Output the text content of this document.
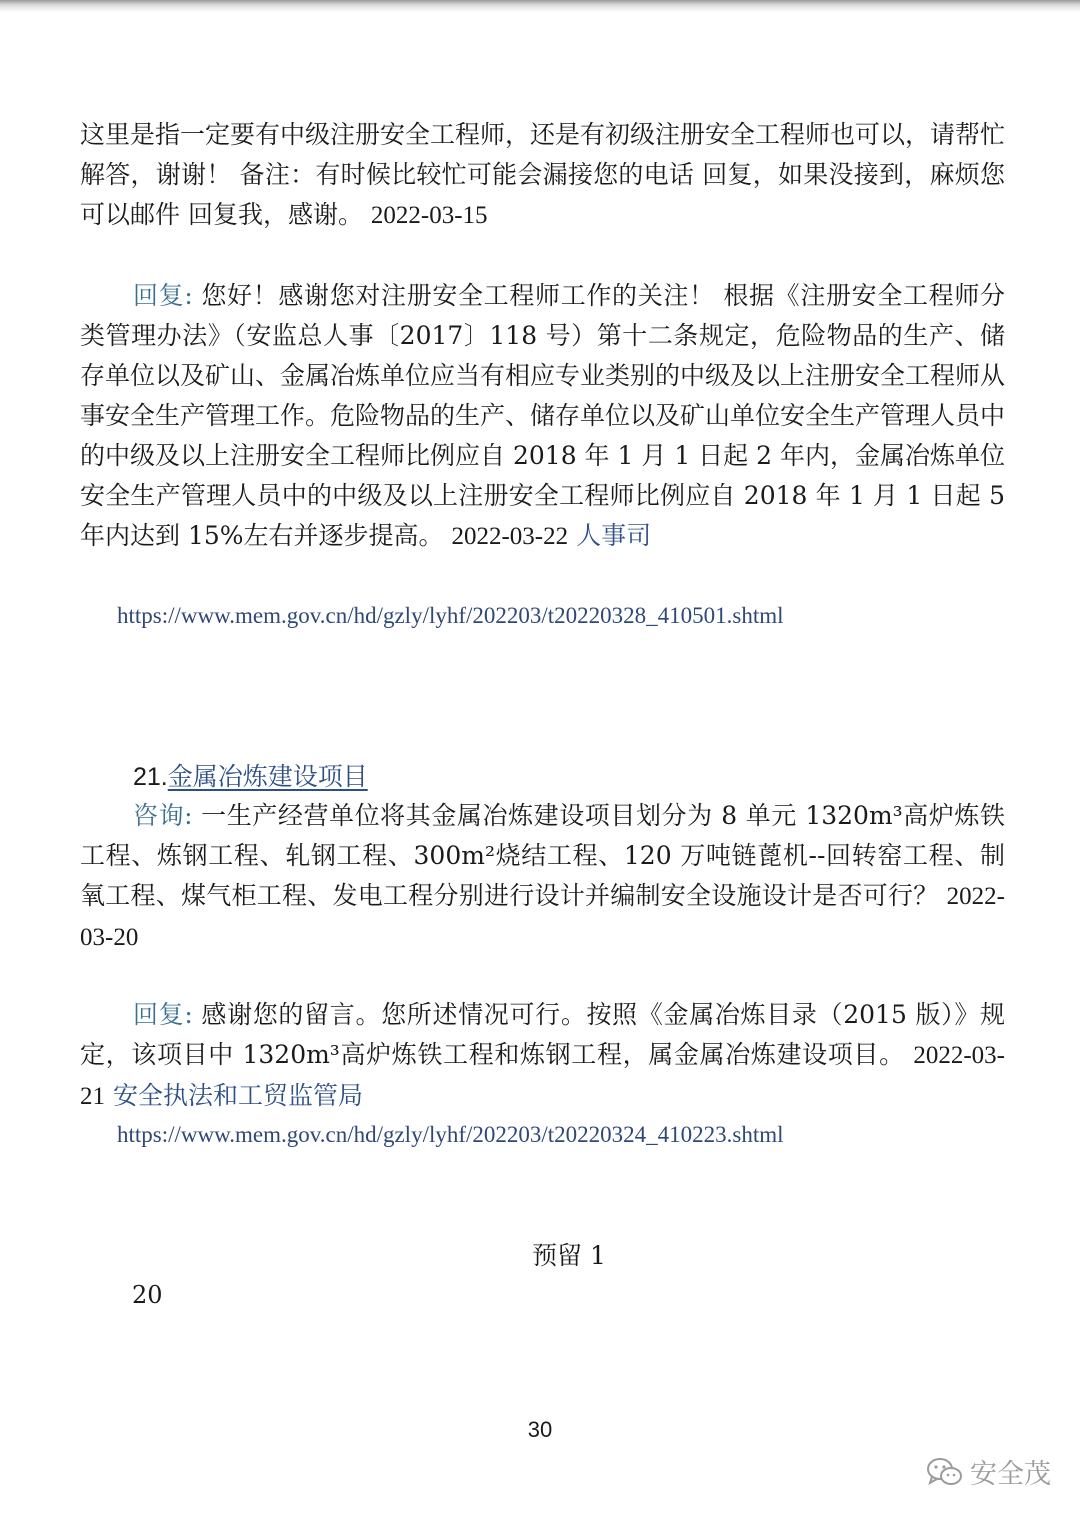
这里是指一定要有中级注册安全工程师，还是有初级注册安全工程师也可以，请帮忙解答，谢谢！ 备注：有时候比较忙可能会漏接您的电话 回复，如果没接到，麻烦您可以邮件 回复我，感谢。 2022-03-15

回复: 您好！感谢您对注册安全工程师工作的关注！ 根据《注册安全工程师分类管理办法》（安监总人事〔2017〕118 号）第十二条规定，危险物品的生产、储存单位以及矿山、金属冶炼单位应当有相应专业类别的中级及以上注册安全工程师从事安全生产管理工作。危险物品的生产、储存单位以及矿山单位安全生产管理人员中的中级及以上注册安全工程师比例应自 2018 年 1 月 1 日起 2 年内，金属冶炼单位安全生产管理人员中的中级及以上注册安全工程师比例应自 2018 年 1 月 1 日起 5 年内达到 15%左右并逐步提高。 2022-03-22 人事司

https://www.mem.gov.cn/hd/gzly/lyhf/202203/t20220328_410501.shtml
21.金属冶炼建设项目

咨询: 一生产经营单位将其金属冶炼建设项目划分为 8 单元 1320m³高炉炼铁工程、炼钢工程、轧钢工程、300m²烧结工程、120 万吨链蓖机--回转窑工程、制氧工程、煤气柜工程、发电工程分别进行设计并编制安全设施设计是否可行？ 2022-03-20

回复: 感谢您的留言。您所述情况可行。按照《金属冶炼目录（2015 版）》规定，该项目中 1320m³高炉炼铁工程和炼钢工程，属金属冶炼建设项目。 2022-03-21 安全执法和工贸监管局

https://www.mem.gov.cn/hd/gzly/lyhf/202203/t20220324_410223.shtml
预留 1
20
30
安全茂
